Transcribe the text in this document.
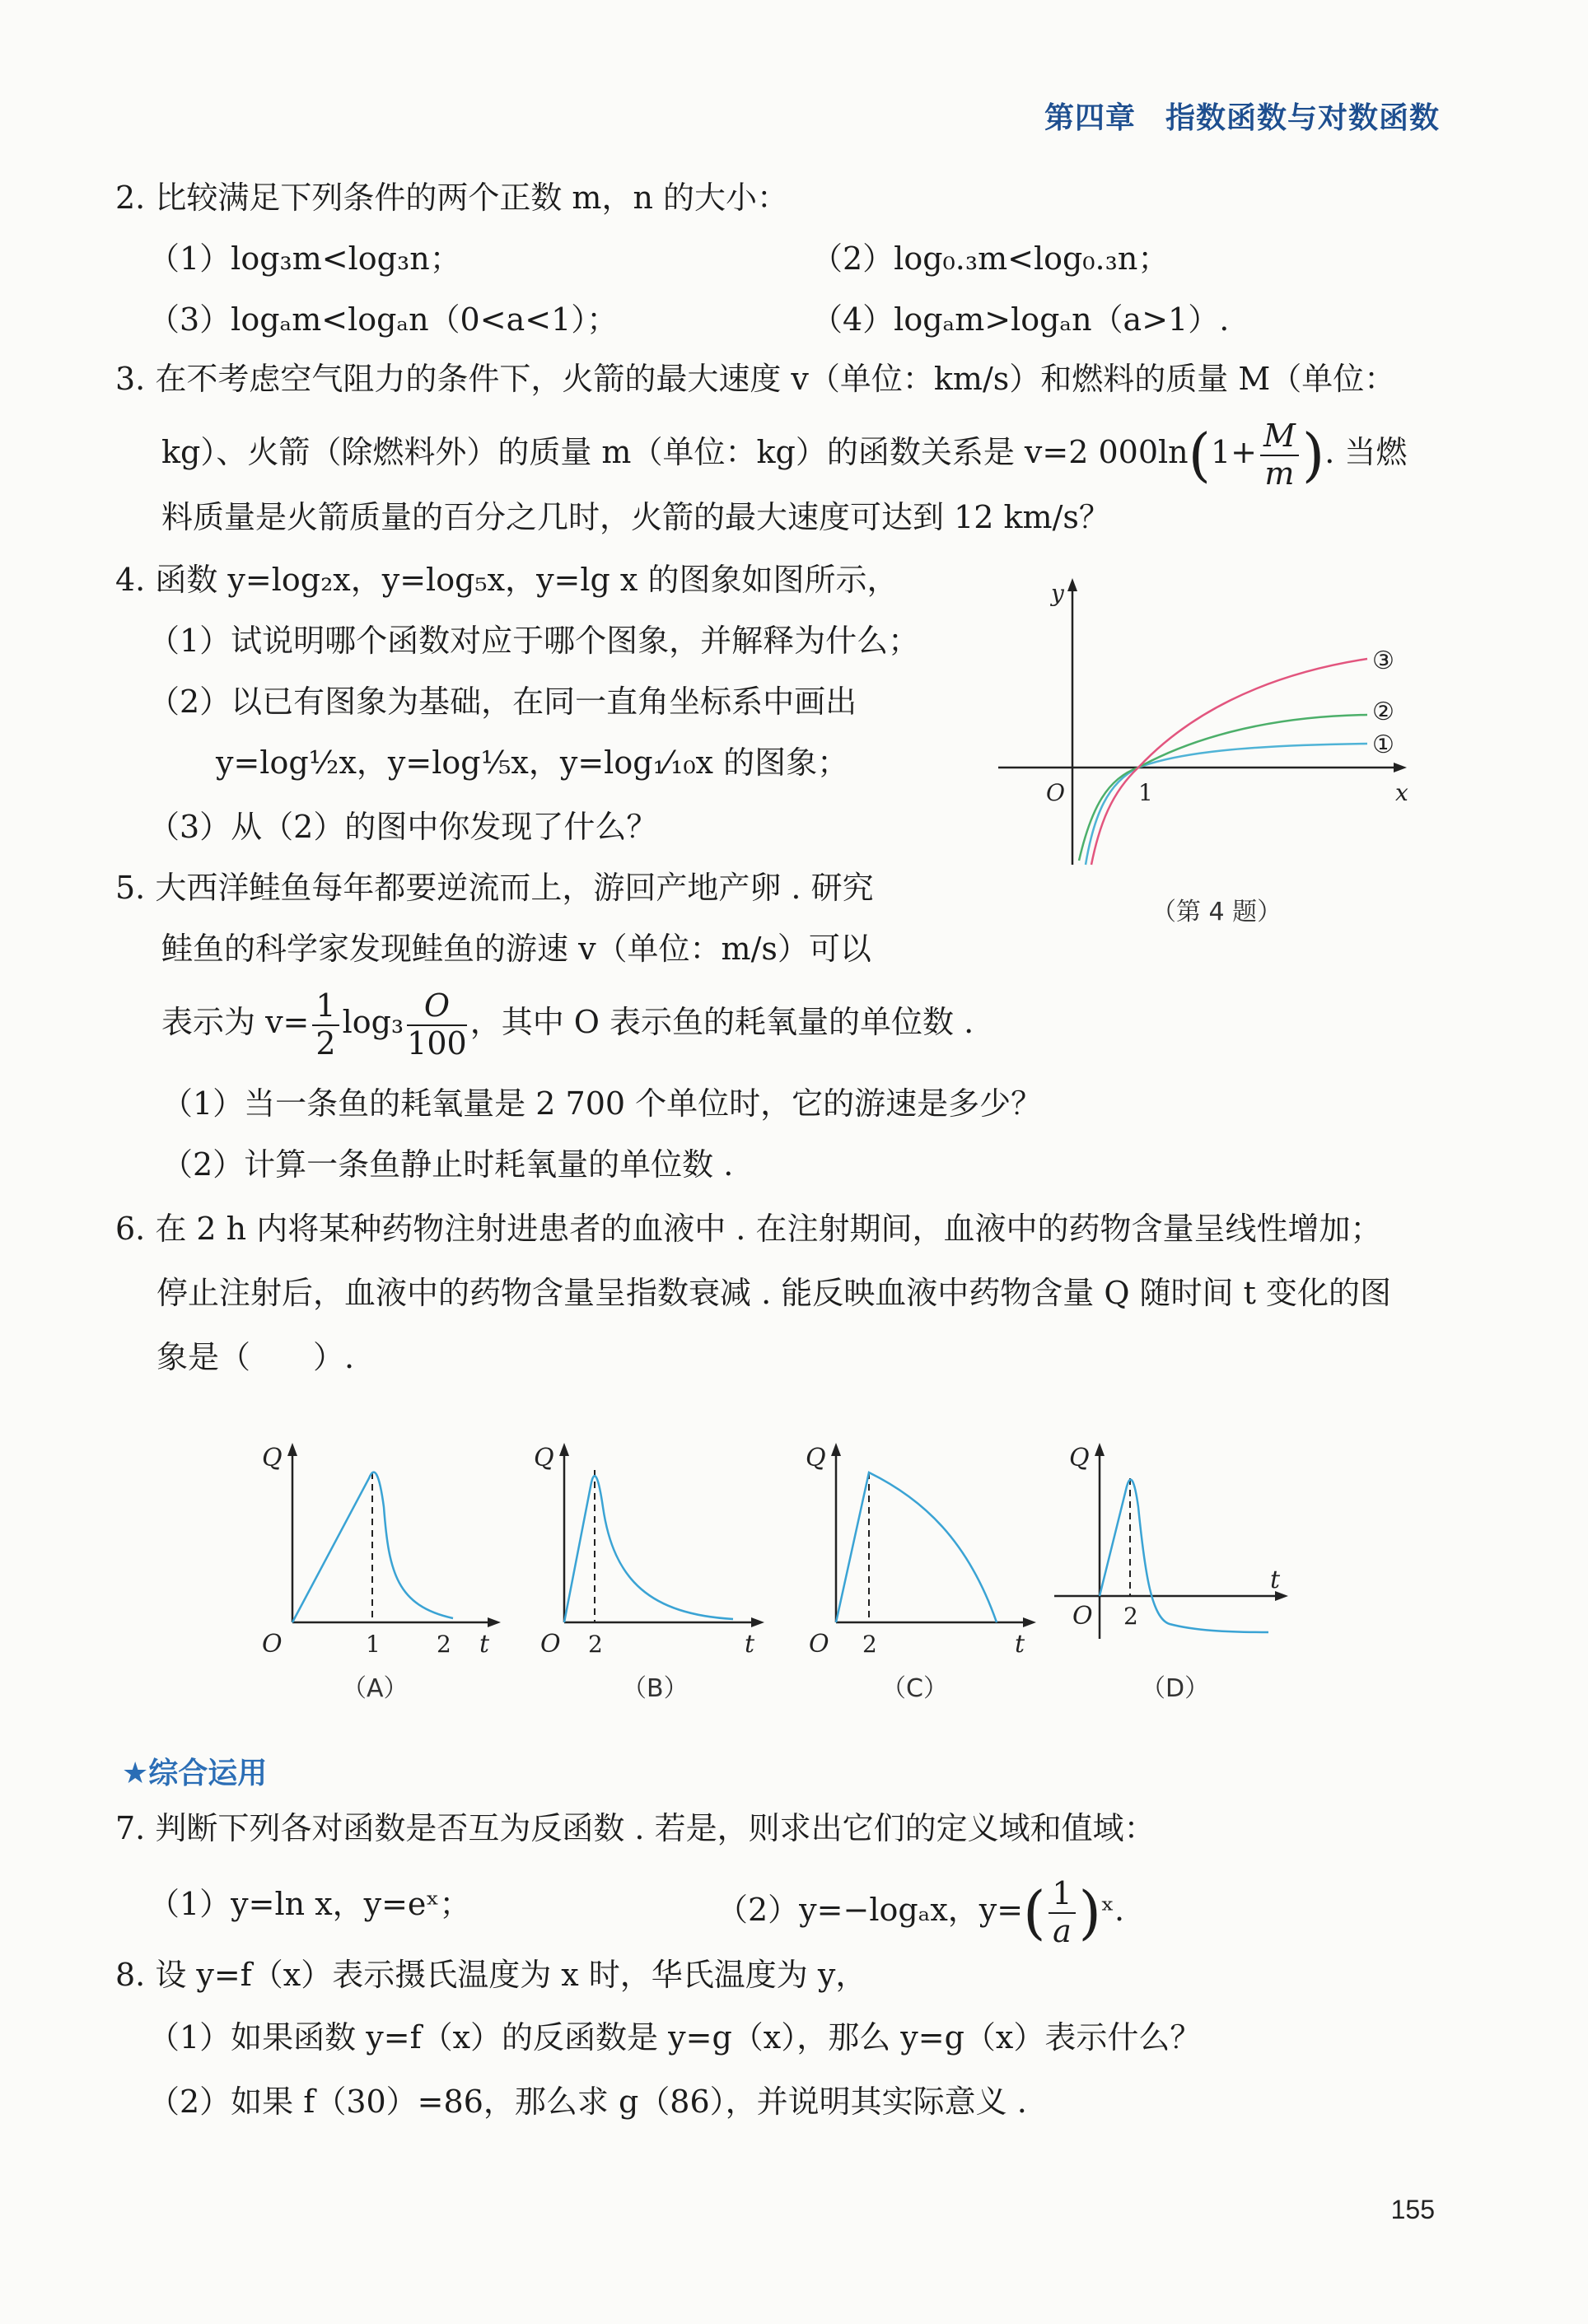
第四章 指数函数与对数函数
2. 比较满足下列条件的两个正数 m，n 的大小：
（1）log₃m<log₃n；	（2）log₀.₃m<log₀.₃n；
（3）logₐm<logₐn（0<a<1）；	（4）logₐm>logₐn（a>1）.
3. 在不考虑空气阻力的条件下，火箭的最大速度 v（单位：km/s）和燃料的质量 M（单位：
kg）、火箭（除燃料外）的质量 m（单位：kg）的函数关系是 v=2 $000\ln(1+ \frac{M}{m}$ ). 当燃
料质量是火箭质量的百分之几时，火箭的最大速度可达到 12 km/s？
4. 函数 y=log₂x，y=log₅x，y=lg x 的图象如图所示，
（1）试说明哪个函数对应于哪个图象，并解释为什么；
（2）以已有图象为基础，在同一直角坐标系中画出
y=log½x，y=log⅕x，y=log₁⁄₁₀x 的图象；
（3）从（2）的图中你发现了什么？
y
x
O	1
③
②
①
（第 4 题）
5. 大西洋鲑鱼每年都要逆流而上，游回产地产卵 . 研究
鲑鱼的科学家发现鲑鱼的游速 v（单位：m/s）可以
表示为 $v= \frac{1}{2} \log_3 \frac{O}{100}$ ，其中 O 表示鱼的耗氧量的单位数 .
（1）当一条鱼的耗氧量是 2 700 个单位时，它的游速是多少？
（2）计算一条鱼静止时耗氧量的单位数 .
6. 在 2 h 内将某种药物注射进患者的血液中 . 在注射期间，血液中的药物含量呈线性增加；
停止注射后，血液中的药物含量呈指数衰减 . 能反映血液中药物含量 Q 随时间 t 变化的图
象是（　　）.
Q
O	1 2 t
（A）
Q
O 2	t
（B）
Q
O 2	t
（C）
Q
O 2
t
（D）
★综合运用
7. 判断下列各对函数是否互为反函数 . 若是，则求出它们的定义域和值域：
（1）y=ln x，y=eˣ；	（2）y=−logₐx，$y=( \frac{1}{a}$ )ˣ.
8. 设 y=f（x）表示摄氏温度为 x 时，华氏温度为 y，
（1）如果函数 y=f（x）的反函数是 y=g（x），那么 y=g（x）表示什么？
（2）如果 f（30）=86，那么求 g（86），并说明其实际意义 .
155
